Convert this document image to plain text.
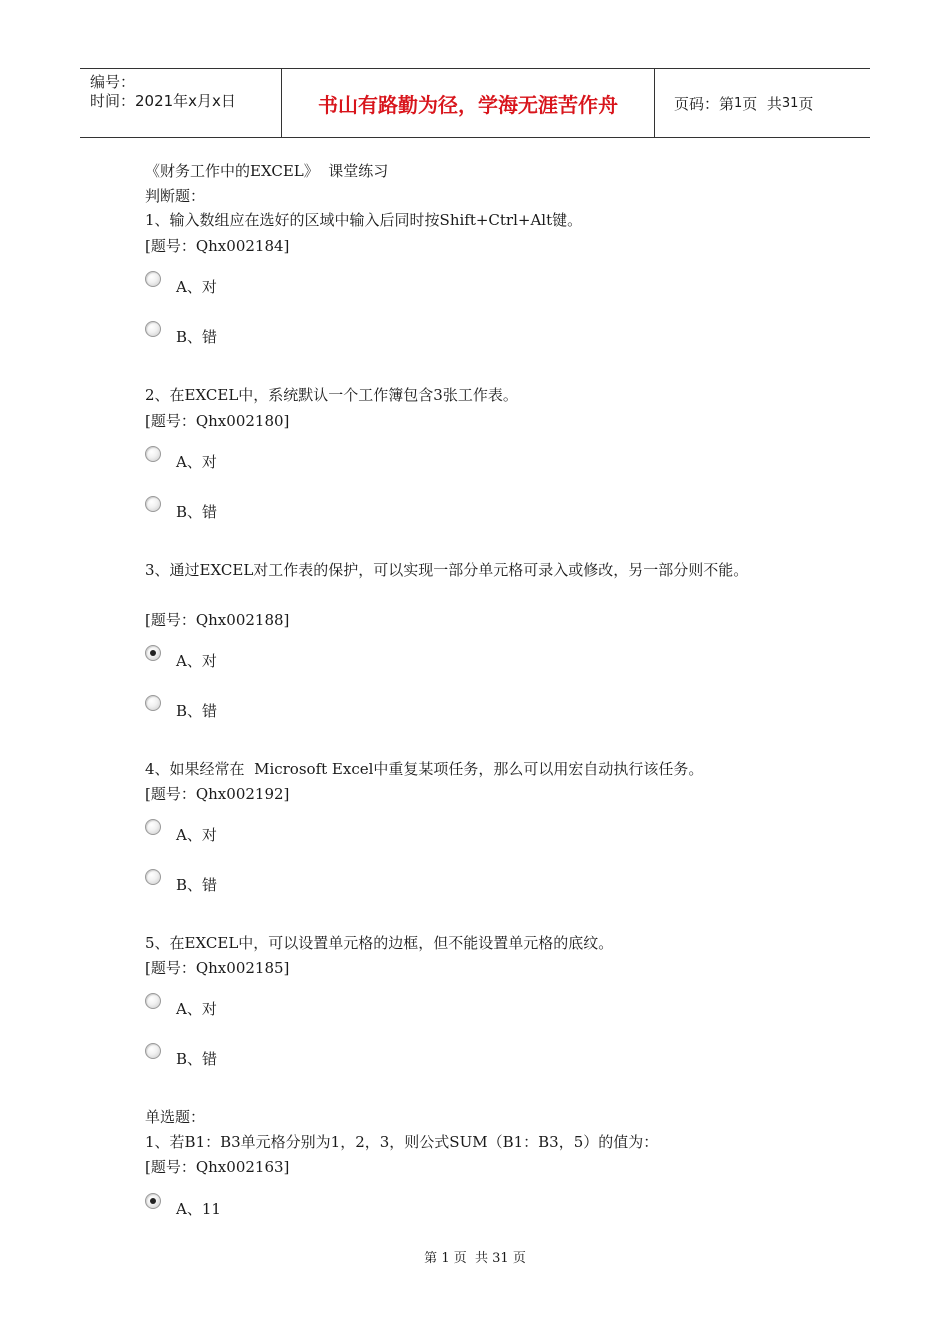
编号：
时间：2021年x月x日	书山有路勤为径，学海无涯苦作舟	页码：第 1 页  共 31 页
《财务工作中的EXCEL》  课堂练习
判断题：
1、输入数组应在选好的区域中输入后同时按Shift+Ctrl+Alt键。
[题号：Qhx002184]
A、对
B、错
2、在EXCEL中，系统默认一个工作簿包含3张工作表。
[题号：Qhx002180]
A、对
B、错
3、通过EXCEL对工作表的保护，可以实现一部分单元格可录入或修改，另一部分则不能。
[题号：Qhx002188]
A、对
B、错
4、如果经常在  Microsoft Excel中重复某项任务，那么可以用宏自动执行该任务。
[题号：Qhx002192]
A、对
B、错
5、在EXCEL中，可以设置单元格的边框，但不能设置单元格的底纹。
[题号：Qhx002185]
A、对
B、错
单选题：
1、若B1：B3单元格分别为1，2，3，则公式SUM（B1：B3，5）的值为：
[题号：Qhx002163]
A、11
第 1 页  共 31 页
